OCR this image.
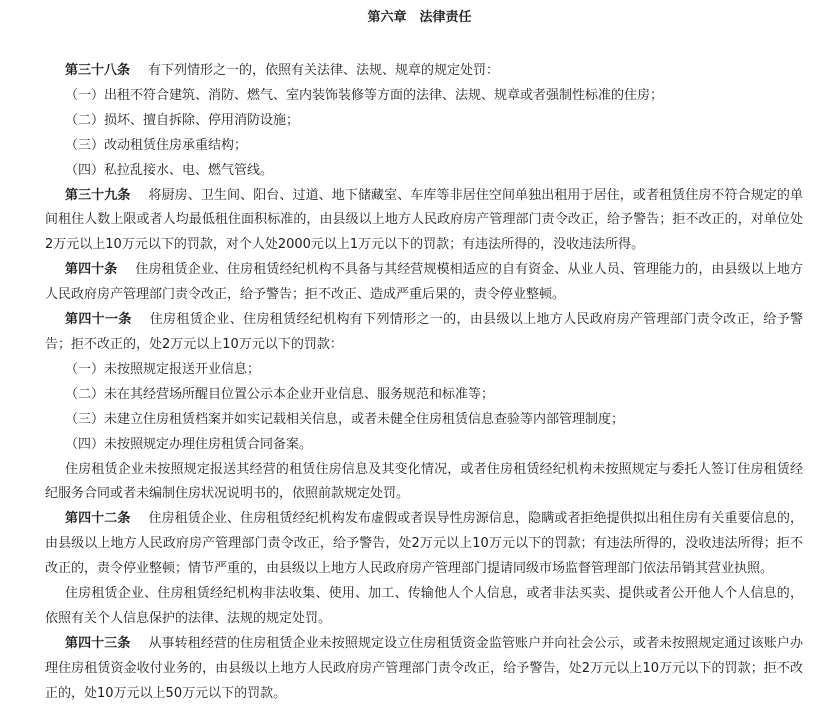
第六章　法律责任

第三十八条 有下列情形之一的，依照有关法律、法规、规章的规定处罚：

（一）出租不符合建筑、消防、燃气、室内装饰装修等方面的法律、法规、规章或者强制性标准的住房；

（二）损坏、擅自拆除、停用消防设施；

（三）改动租赁住房承重结构；

（四）私拉乱接水、电、燃气管线。

第三十九条 将厨房、卫生间、阳台、过道、地下储藏室、车库等非居住空间单独出租用于居住，或者租赁住房不符合规定的单间租住人数上限或者人均最低租住面积标准的，由县级以上地方人民政府房产管理部门责令改正，给予警告；拒不改正的，对单位处2万元以上10万元以下的罚款，对个人处2000元以上1万元以下的罚款；有违法所得的，没收违法所得。

第四十条 住房租赁企业、住房租赁经纪机构不具备与其经营规模相适应的自有资金、从业人员、管理能力的，由县级以上地方人民政府房产管理部门责令改正，给予警告；拒不改正、造成严重后果的，责令停业整顿。

第四十一条 住房租赁企业、住房租赁经纪机构有下列情形之一的，由县级以上地方人民政府房产管理部门责令改正，给予警告；拒不改正的，处2万元以上10万元以下的罚款：

（一）未按照规定报送开业信息；

（二）未在其经营场所醒目位置公示本企业开业信息、服务规范和标准等；

（三）未建立住房租赁档案并如实记载相关信息，或者未健全住房租赁信息查验等内部管理制度；

（四）未按照规定办理住房租赁合同备案。

住房租赁企业未按照规定报送其经营的租赁住房信息及其变化情况，或者住房租赁经纪机构未按照规定与委托人签订住房租赁经纪服务合同或者未编制住房状况说明书的，依照前款规定处罚。

第四十二条 住房租赁企业、住房租赁经纪机构发布虚假或者误导性房源信息，隐瞒或者拒绝提供拟出租住房有关重要信息的，由县级以上地方人民政府房产管理部门责令改正，给予警告，处2万元以上10万元以下的罚款；有违法所得的，没收违法所得；拒不改正的，责令停业整顿；情节严重的，由县级以上地方人民政府房产管理部门提请同级市场监督管理部门依法吊销其营业执照。

住房租赁企业、住房租赁经纪机构非法收集、使用、加工、传输他人个人信息，或者非法买卖、提供或者公开他人个人信息的，依照有关个人信息保护的法律、法规的规定处罚。

第四十三条 从事转租经营的住房租赁企业未按照规定设立住房租赁资金监管账户并向社会公示，或者未按照规定通过该账户办理住房租赁资金收付业务的，由县级以上地方人民政府房产管理部门责令改正，给予警告，处2万元以上10万元以下的罚款；拒不改正的，处10万元以上50万元以下的罚款。
